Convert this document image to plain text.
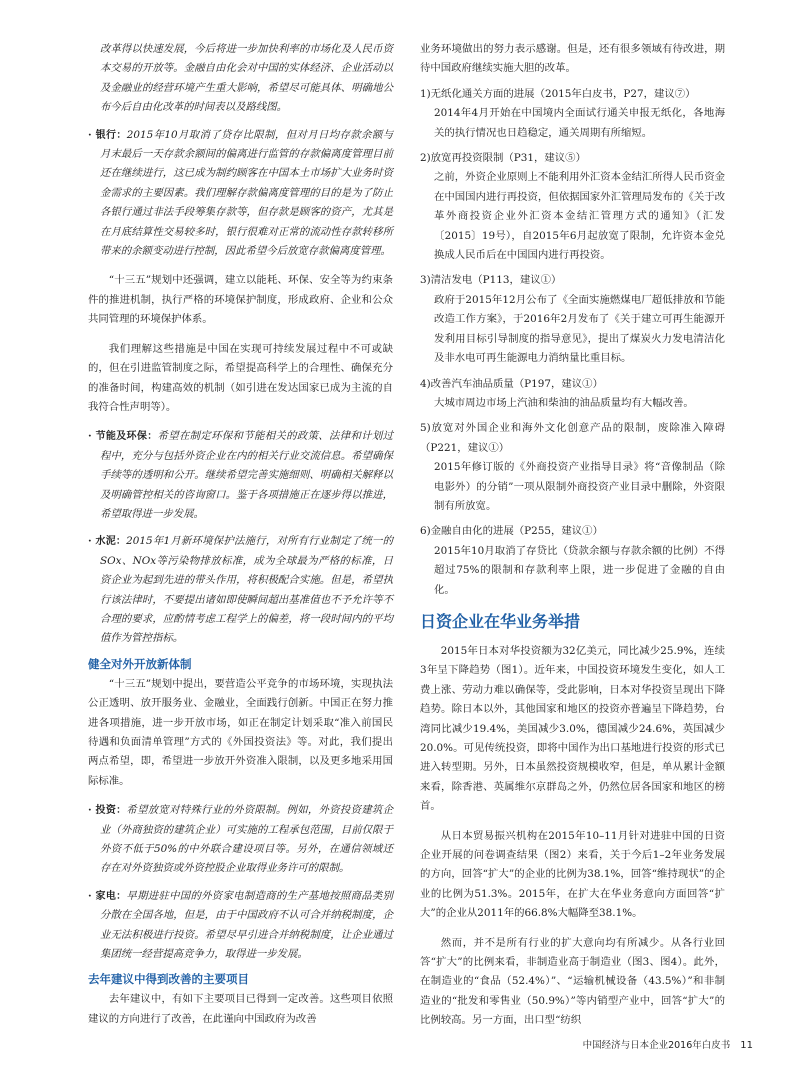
改革得以快速发展，今后将进一步加快利率的市场化及人民币资本交易的开放等。金融自由化会对中国的实体经济、企业活动以及金融业的经营环境产生重大影响，希望尽可能具体、明确地公布今后自由化改革的时间表以及路线图。

· 银行：2015年10月取消了贷存比限制，但对月日均存款余额与月末最后一天存款余额间的偏离进行监管的存款偏离度管理目前还在继续进行，这已成为制约顾客在中国本土市场扩大业务时资金需求的主要因素。我们理解存款偏离度管理的目的是为了防止各银行通过非法手段筹集存款等，但存款是顾客的资产，尤其是在月底结算性交易较多时，银行很难对正常的流动性存款转移所带来的余额变动进行控制，因此希望今后放宽存款偏离度管理。

“十三五”规划中还强调，建立以能耗、环保、安全等为约束条件的推进机制，执行严格的环境保护制度，形成政府、企业和公众共同管理的环境保护体系。

我们理解这些措施是中国在实现可持续发展过程中不可或缺的，但在引进监管制度之际，希望提高科学上的合理性、确保充分的准备时间，构建高效的机制（如引进在发达国家已成为主流的自我符合性声明等）。

· 节能及环保：希望在制定环保和节能相关的政策、法律和计划过程中，充分与包括外资企业在内的相关行业交流信息。希望确保手续等的透明和公开。继续希望完善实施细则、明确相关解释以及明确管控相关的咨询窗口。鉴于各项措施正在逐步得以推进，希望取得进一步发展。

· 水泥：2015年1月新环境保护法施行，对所有行业制定了统一的SOx、NOx等污染物排放标准，成为全球最为严格的标准，日资企业为起到先进的带头作用，将积极配合实施。但是，希望执行该法律时，不要提出诸如即使瞬间超出基准值也不予允许等不合理的要求，应酌情考虑工程学上的偏差，将一段时间内的平均值作为管控指标。

健全对外开放新体制

“十三五”规划中提出，要营造公平竞争的市场环境，实现执法公正透明、放开服务业、金融业，全面践行创新。中国正在努力推进各项措施，进一步开放市场，如正在制定计划采取“准入前国民待遇和负面清单管理”方式的《外国投资法》等。对此，我们提出两点希望，即，希望进一步放开外资准入限制，以及更多地采用国际标准。

· 投资：希望放宽对特殊行业的外资限制。例如，外资投资建筑企业（外商独资的建筑企业）可实施的工程承包范围，目前仅限于外资不低于50%的中外联合建设项目等。另外，在通信领域还存在对外资独资或外资控股企业取得业务许可的限制。

· 家电：早期进驻中国的外资家电制造商的生产基地按照商品类别分散在全国各地，但是，由于中国政府不认可合并纳税制度，企业无法积极进行投资。希望尽早引进合并纳税制度，让企业通过集团统一经营提高竞争力，取得进一步发展。

去年建议中得到改善的主要项目

去年建议中，有如下主要项目已得到一定改善。这些项目依照建议的方向进行了改善，在此谨向中国政府为改善

业务环境做出的努力表示感谢。但是，还有很多领域有待改进，期待中国政府继续实施大胆的改革。

1)无纸化通关方面的进展（2015年白皮书，P27，建议⑦）

2014年4月开始在中国境内全面试行通关申报无纸化，各地海关的执行情况也日趋稳定，通关周期有所缩短。

2)放宽再投资限制（P31，建议⑤）

之前，外资企业原则上不能利用外汇资本金结汇所得人民币资金在中国国内进行再投资，但依据国家外汇管理局发布的《关于改革外商投资企业外汇资本金结汇管理方式的通知》（汇发〔2015〕19号），自2015年6月起放宽了限制，允许资本金兑换成人民币后在中国国内进行再投资。

3)清洁发电（P113，建议①）

政府于2015年12月公布了《全面实施燃煤电厂超低排放和节能改造工作方案》，于2016年2月发布了《关于建立可再生能源开发利用目标引导制度的指导意见》，提出了煤炭火力发电清洁化及非水电可再生能源电力消纳量比重目标。

4)改善汽车油品质量（P197，建议①）

大城市周边市场上汽油和柴油的油品质量均有大幅改善。

5)放宽对外国企业和海外文化创意产品的限制，废除准入障碍（P221，建议①）

2015年修订版的《外商投资产业指导目录》将“音像制品（除电影外）的分销”一项从限制外商投资产业目录中删除，外资限制有所放宽。

6)金融自由化的进展（P255，建议①）

2015年10月取消了存贷比（贷款余额与存款余额的比例）不得超过75%的限制和存款利率上限，进一步促进了金融的自由化。

日资企业在华业务举措

2015年日本对华投资额为32亿美元，同比减少25.9%，连续3年呈下降趋势（图1）。近年来，中国投资环境发生变化，如人工费上涨、劳动力难以确保等，受此影响，日本对华投资呈现出下降趋势。除日本以外，其他国家和地区的投资亦普遍呈下降趋势，台湾同比减少19.4%，美国减少3.0%，德国减少24.6%，英国减少20.0%。可见传统投资，即将中国作为出口基地进行投资的形式已进入转型期。另外，日本虽然投资规模收窄，但是，单从累计金额来看，除香港、英属维尔京群岛之外，仍然位居各国家和地区的榜首。

从日本贸易振兴机构在2015年10–11月针对进驻中国的日资企业开展的问卷调查结果（图2）来看，关于今后1–2年业务发展的方向，回答“扩大”的企业的比例为38.1%，回答“维持现状”的企业的比例为51.3%。2015年，在扩大在华业务意向方面回答“扩大”的企业从2011年的66.8%大幅降至38.1%。

然而，并不是所有行业的扩大意向均有所减少。从各行业回答“扩大”的比例来看，非制造业高于制造业（图3、图4）。此外，在制造业的“食品（52.4%）”、“运输机械设备（43.5%）”和非制造业的“批发和零售业（50.9%）”等内销型产业中，回答“扩大”的比例较高。另一方面，出口型“纺织

中国经济与日本企业2016年白皮书 11
